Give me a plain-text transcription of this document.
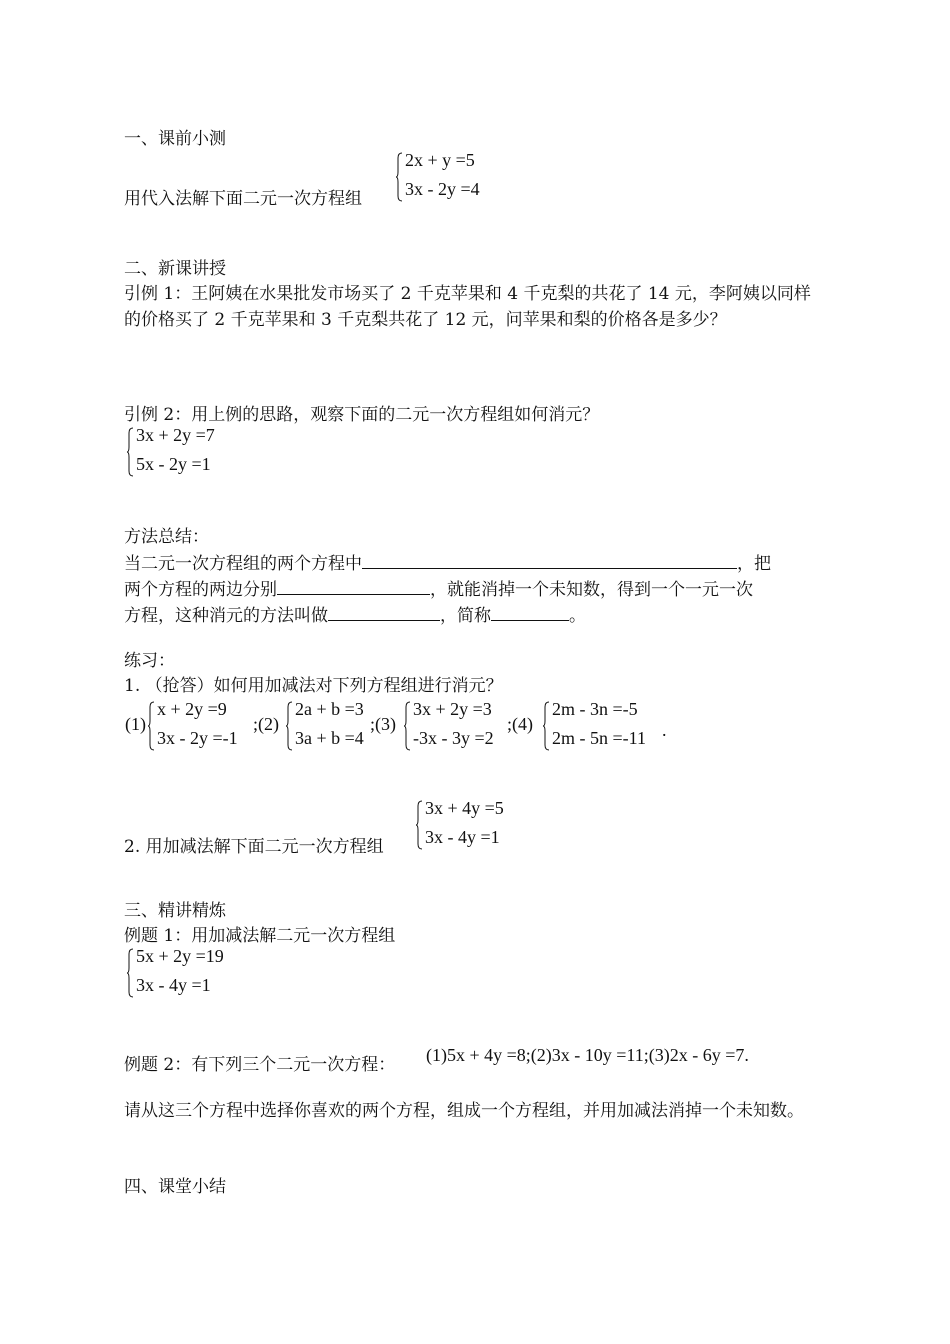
一、课前小测
用代入法解下面二元一次方程组
2x + y =5
3x - 2y =4
二、新课讲授
引例 1：王阿姨在水果批发市场买了 2 千克苹果和 4 千克梨的共花了 14 元，李阿姨以同样的价格买了 2 千克苹果和 3 千克梨共花了 12 元，问苹果和梨的价格各是多少？
引例 2：用上例的思路，观察下面的二元一次方程组如何消元？
3x + 2y =7
5x - 2y =1
方法总结：
当二元一次方程组的两个方程中	，把
两个方程的两边分别	，就能消掉一个未知数，得到一个一元一次
方程，这种消元的方法叫做	，简称	。
练习：
1. （抢答）如何用加减法对下列方程组进行消元？
(1)
x + 2y =9
3x - 2y =-1
;(2)
2a + b =3
3a + b =4
;(3)
3x + 2y =3
-3x - 3y =2
;(4)
2m - 3n =-5
2m - 5n =-11 .
2. 用加减法解下面二元一次方程组
3x + 4y =5
3x - 4y =1
三、精讲精炼
例题 1：用加减法解二元一次方程组
5x + 2y =19
3x - 4y =1
例题 2：有下列三个二元一次方程： (1)5x + 4y =8;(2)3x - 10y =11;(3)2x - 6y =7.
请从这三个方程中选择你喜欢的两个方程，组成一个方程组，并用加减法消掉一个未知数。
四、课堂小结
